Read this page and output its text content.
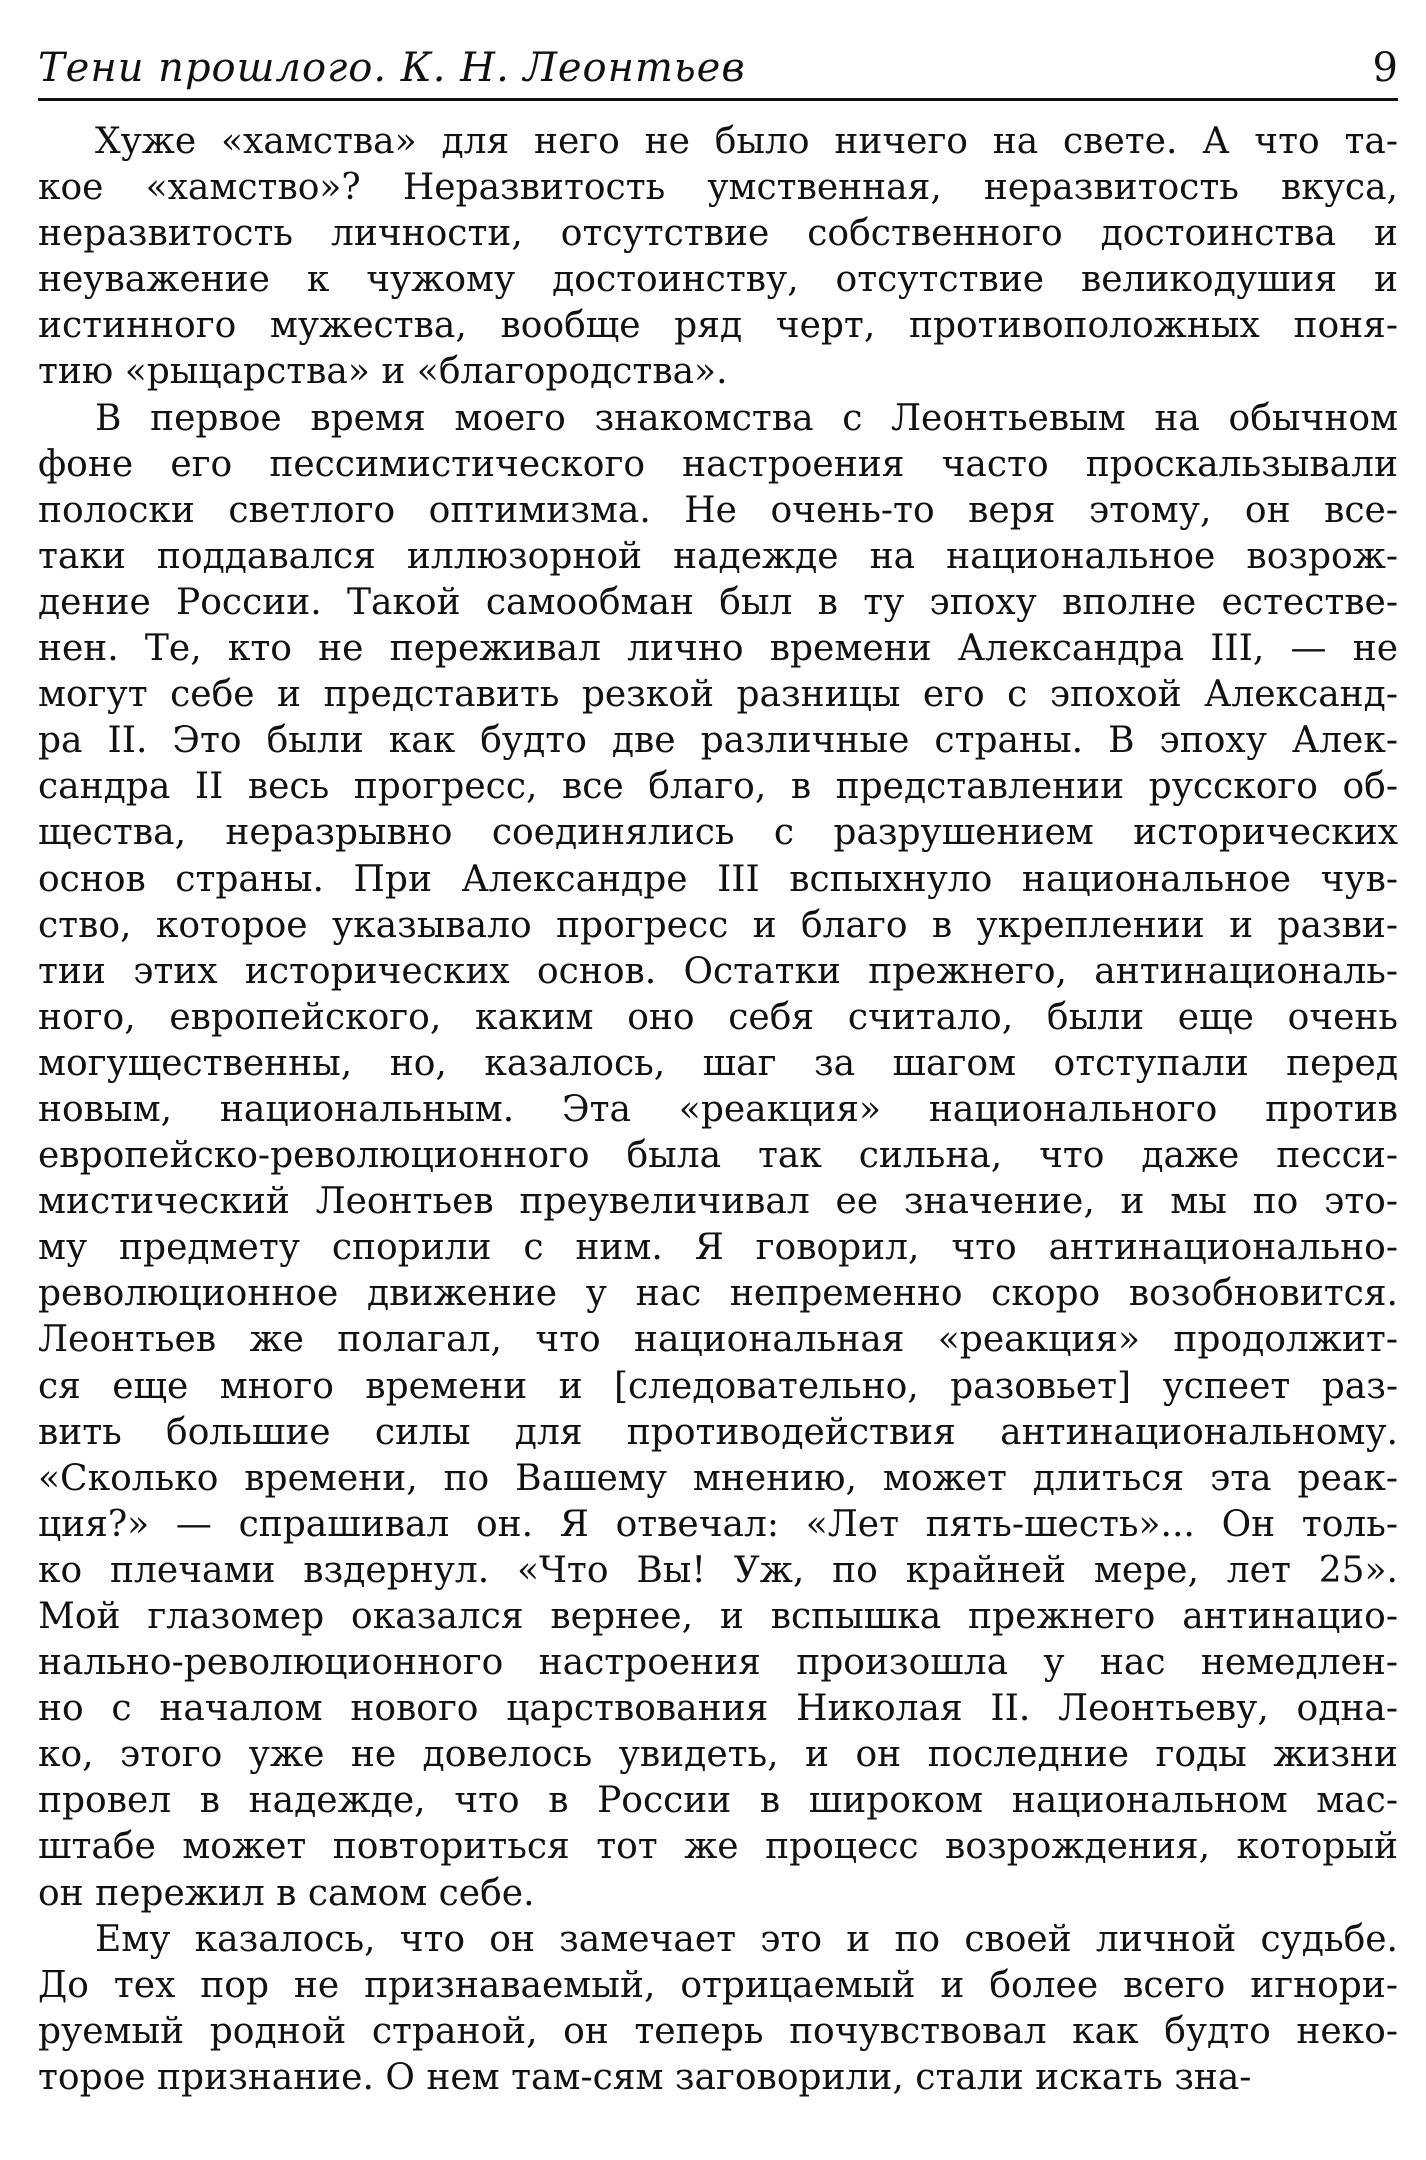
Тени прошлого. К. Н. Леонтьев	9
Хуже «хамства» для него не было ничего на свете. А что та-
кое «хамство»? Неразвитость умственная, неразвитость вкуса,
неразвитость личности, отсутствие собственного достоинства и
неуважение к чужому достоинству, отсутствие великодушия и
истинного мужества, вообще ряд черт, противоположных поня-
тию «рыцарства» и «благородства».
В первое время моего знакомства с Леонтьевым на обычном
фоне его пессимистического настроения часто проскальзывали
полоски светлого оптимизма. Не очень-то веря этому, он все-
таки поддавался иллюзорной надежде на национальное возрож-
дение России. Такой самообман был в ту эпоху вполне естестве-
нен. Те, кто не переживал лично времени Александра III, — не
могут себе и представить резкой разницы его с эпохой Александ-
ра II. Это были как будто две различные страны. В эпоху Алек-
сандра II весь прогресс, все благо, в представлении русского об-
щества, неразрывно соединялись с разрушением исторических
основ страны. При Александре III вспыхнуло национальное чув-
ство, которое указывало прогресс и благо в укреплении и разви-
тии этих исторических основ. Остатки прежнего, антинациональ-
ного, европейского, каким оно себя считало, были еще очень
могущественны, но, казалось, шаг за шагом отступали перед
новым, национальным. Эта «реакция» национального против
европейско-революционного была так сильна, что даже песси-
мистический Леонтьев преувеличивал ее значение, и мы по это-
му предмету спорили с ним. Я говорил, что антинационально-
революционное движение у нас непременно скоро возобновится.
Леонтьев же полагал, что национальная «реакция» продолжит-
ся еще много времени и [следовательно, разовьет] успеет раз-
вить большие силы для противодействия антинациональному.
«Сколько времени, по Вашему мнению, может длиться эта реак-
ция?» — спрашивал он. Я отвечал: «Лет пять-шесть»... Он толь-
ко плечами вздернул. «Что Вы! Уж, по крайней мере, лет 25».
Мой глазомер оказался вернее, и вспышка прежнего антинацио-
нально-революционного настроения произошла у нас немедлен-
но с началом нового царствования Николая II. Леонтьеву, одна-
ко, этого уже не довелось увидеть, и он последние годы жизни
провел в надежде, что в России в широком национальном мас-
штабе может повториться тот же процесс возрождения, который
он пережил в самом себе.
Ему казалось, что он замечает это и по своей личной судьбе.
До тех пор не признаваемый, отрицаемый и более всего игнори-
руемый родной страной, он теперь почувствовал как будто неко-
торое признание. О нем там-сям заговорили, стали искать зна-
